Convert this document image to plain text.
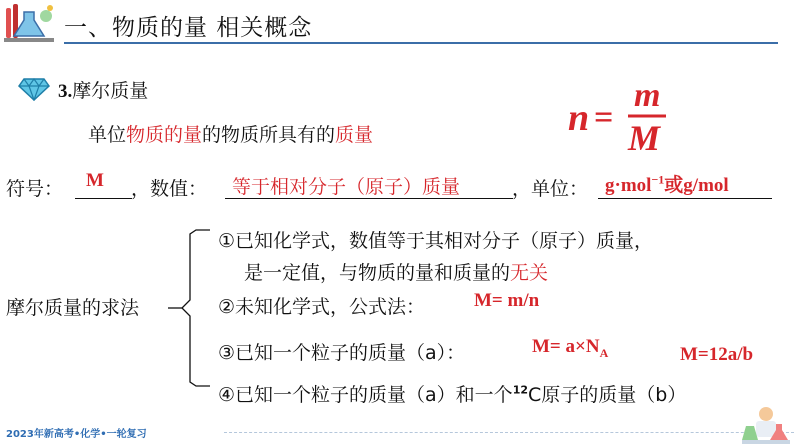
一、物质的量 相关概念
3.摩尔质量
n =
m
M
单位物质的量的物质所具有的质量
符号： M ，数值： 等于相对分子（原子）质量	，单位： g·mol$^{-1}$或g/mol
摩尔质量的求法
①已知化学式，数值等于其相对分子（原子）质量，
是一定值，与物质的量和质量的无关
②未知化学式，公式法：	M= m/n
③已知一个粒子的质量（a）：	$M= a\times N_A$	M=12a/b
④已知一个粒子的质量（a）和一个$^{12}$C原子的质量（b）
2023年新高考•化学•一轮复习
